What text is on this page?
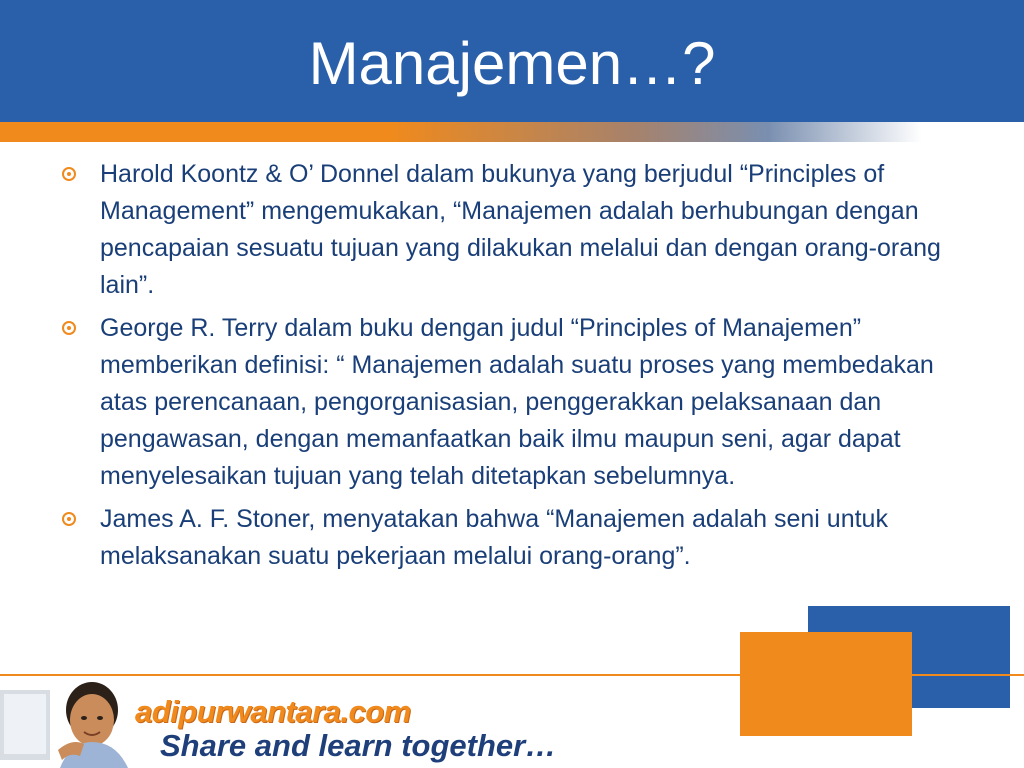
Manajemen…?
Harold Koontz & O’ Donnel dalam bukunya yang berjudul “Principles of Management” mengemukakan, “Manajemen adalah berhubungan dengan pencapaian sesuatu tujuan yang dilakukan melalui dan dengan orang-orang lain”.
George R. Terry dalam buku dengan judul “Principles of Manajemen” memberikan definisi: “ Manajemen adalah suatu proses yang membedakan atas perencanaan, pengorganisasian, penggerakkan pelaksanaan dan pengawasan, dengan memanfaatkan baik ilmu maupun seni, agar dapat menyelesaikan tujuan yang telah ditetapkan sebelumnya.
James A. F. Stoner, menyatakan bahwa “Manajemen adalah seni untuk melaksanakan suatu pekerjaan melalui orang-orang”.
adipurwantara.com
Share and learn together…
